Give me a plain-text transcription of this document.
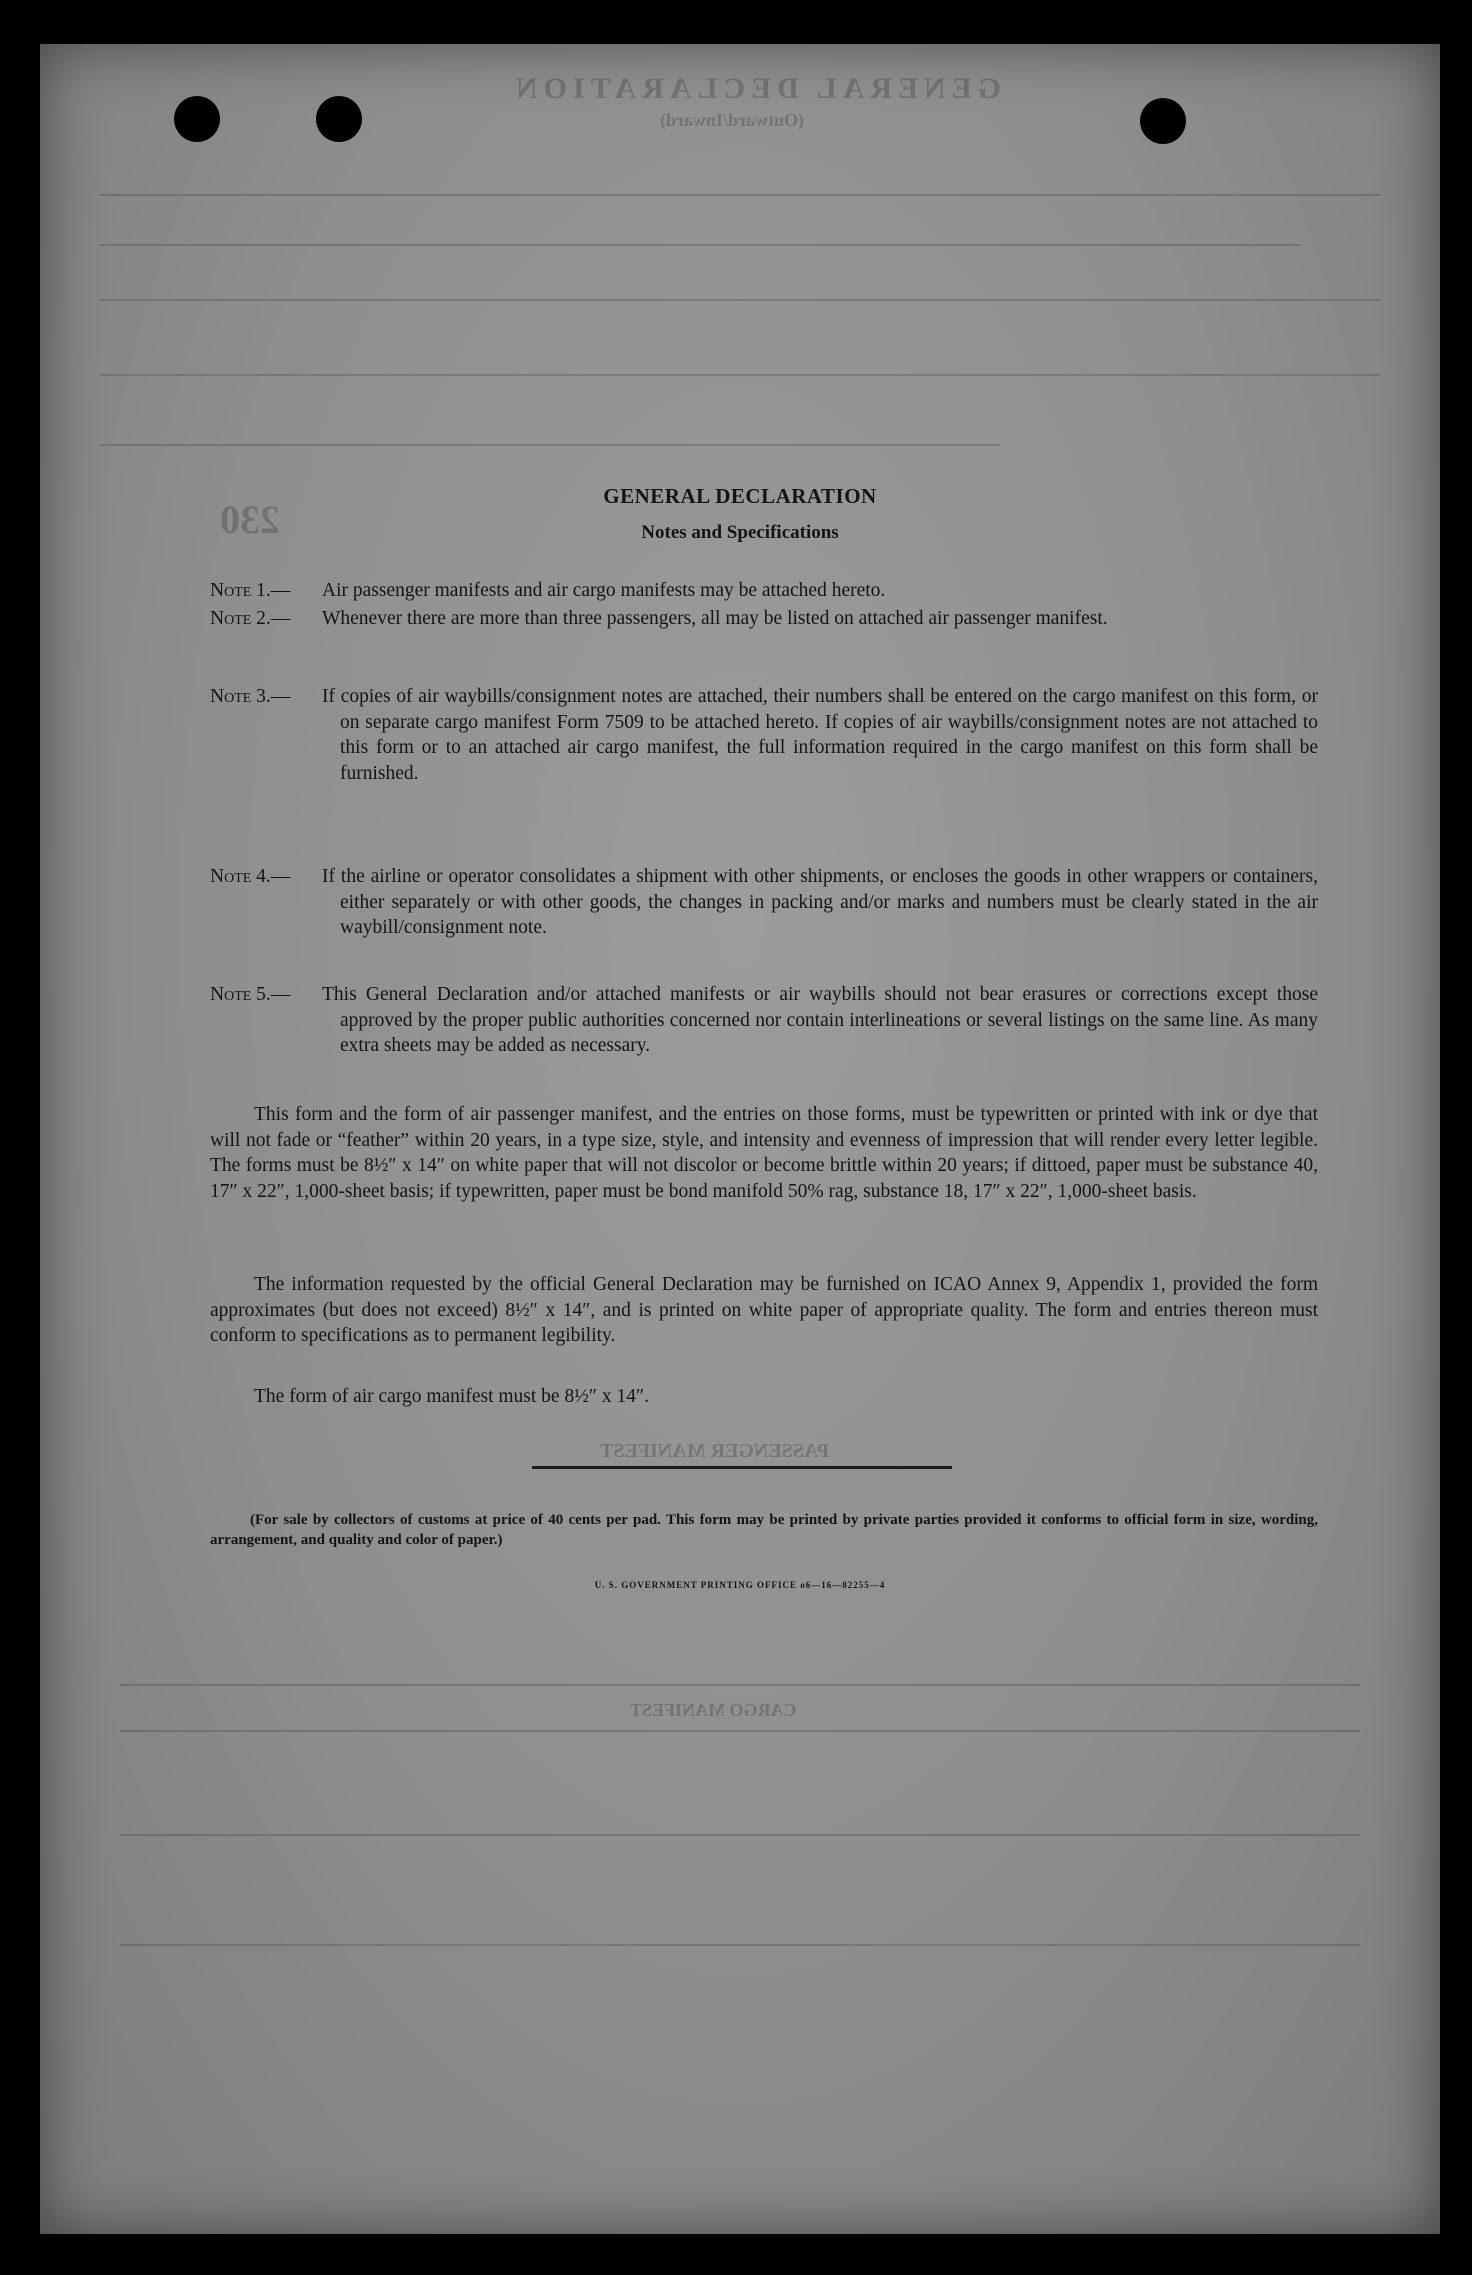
GENERAL DECLARATION
(Outward/Inward)
230
PASSENGER MANIFEST
CARGO MANIFEST
GENERAL DECLARATION
Notes and Specifications
Note 1.—	Air passenger manifests and air cargo manifests may be attached hereto.
Note 2.—	Whenever there are more than three passengers, all may be listed on attached air passenger manifest.
Note 3.—	If copies of air waybills/consignment notes are attached, their numbers shall be entered on the cargo manifest on this form, or on separate cargo manifest Form 7509 to be attached hereto. If copies of air waybills/consignment notes are not attached to this form or to an attached air cargo manifest, the full information required in the cargo manifest on this form shall be furnished.
Note 4.—	If the airline or operator consolidates a shipment with other shipments, or encloses the goods in other wrappers or containers, either separately or with other goods, the changes in packing and/or marks and numbers must be clearly stated in the air waybill/consignment note.
Note 5.—	This General Declaration and/or attached manifests or air waybills should not bear erasures or corrections except those approved by the proper public authorities concerned nor contain interlineations or several listings on the same line. As many extra sheets may be added as necessary.
This form and the form of air passenger manifest, and the entries on those forms, must be typewritten or printed with ink or dye that will not fade or “feather” within 20 years, in a type size, style, and intensity and evenness of impression that will render every letter legible. The forms must be 8½″ x 14″ on white paper that will not discolor or become brittle within 20 years; if dittoed, paper must be substance 40, 17″ x 22″, 1,000-sheet basis; if typewritten, paper must be bond manifold 50% rag, substance 18, 17″ x 22″, 1,000-sheet basis.
The information requested by the official General Declaration may be furnished on ICAO Annex 9, Appendix 1, provided the form approximates (but does not exceed) 8½″ x 14″, and is printed on white paper of appropriate quality. The form and entries thereon must conform to specifications as to permanent legibility.
The form of air cargo manifest must be 8½″ x 14″.
(For sale by collectors of customs at price of 40 cents per pad. This form may be printed by private parties provided it conforms to official form in size, wording, arrangement, and quality and color of paper.)
U. S. GOVERNMENT PRINTING OFFICE o6—16—82255—4
